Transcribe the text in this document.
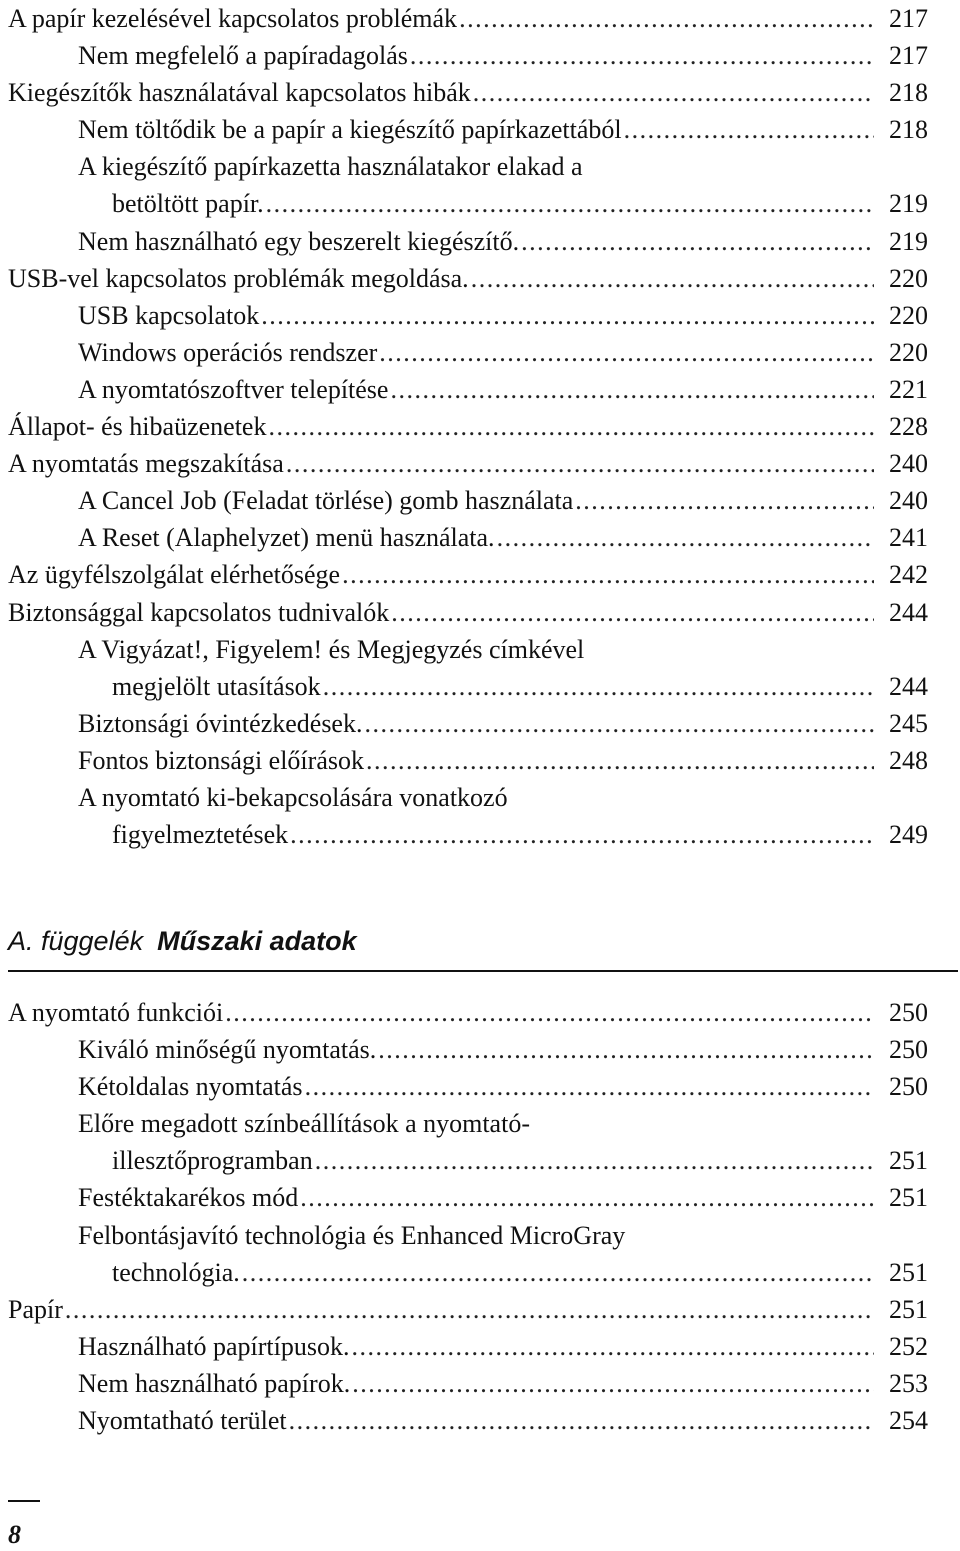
A papír kezelésével kapcsolatos problémák . . .	217
Nem megfelelő a papíradagolás . . .	217
Kiegészítők használatával kapcsolatos hibák . . .	218
Nem töltődik be a papír a kiegészítő papírkazettából . . .	218
A kiegészítő papírkazetta használatakor elakad a
betöltött papír. . . .	219
Nem használható egy beszerelt kiegészítő. . . .	219
USB-vel kapcsolatos problémák megoldása. . . .	220
USB kapcsolatok . . .	220
Windows operációs rendszer . . .	220
A nyomtatószoftver telepítése . . .	221
Állapot- és hibaüzenetek . . .	228
A nyomtatás megszakítása . . .	240
A Cancel Job (Feladat törlése) gomb használata . . .	240
A Reset (Alaphelyzet) menü használata. . . .	241
Az ügyfélszolgálat elérhetősége . . .	242
Biztonsággal kapcsolatos tudnivalók . . .	244
A Vigyázat!, Figyelem! és Megjegyzés címkével
megjelölt utasítások . . .	244
Biztonsági óvintézkedések. . . .	245
Fontos biztonsági előírások . . .	248
A nyomtató ki-bekapcsolására vonatkozó
figyelmeztetések . . .	249
A. függelék Műszaki adatok
A nyomtató funkciói . . .	250
Kiváló minőségű nyomtatás. . . .	250
Kétoldalas nyomtatás . . .	250
Előre megadott színbeállítások a nyomtató-
illesztőprogramban . . .	251
Festéktakarékos mód . . .	251
Felbontásjavító technológia és Enhanced MicroGray
technológia. . . .	251
Papír . . .	251
Használható papírtípusok. . . .	252
Nem használható papírok. . . .	253
Nyomtatható terület . . .	254
8
